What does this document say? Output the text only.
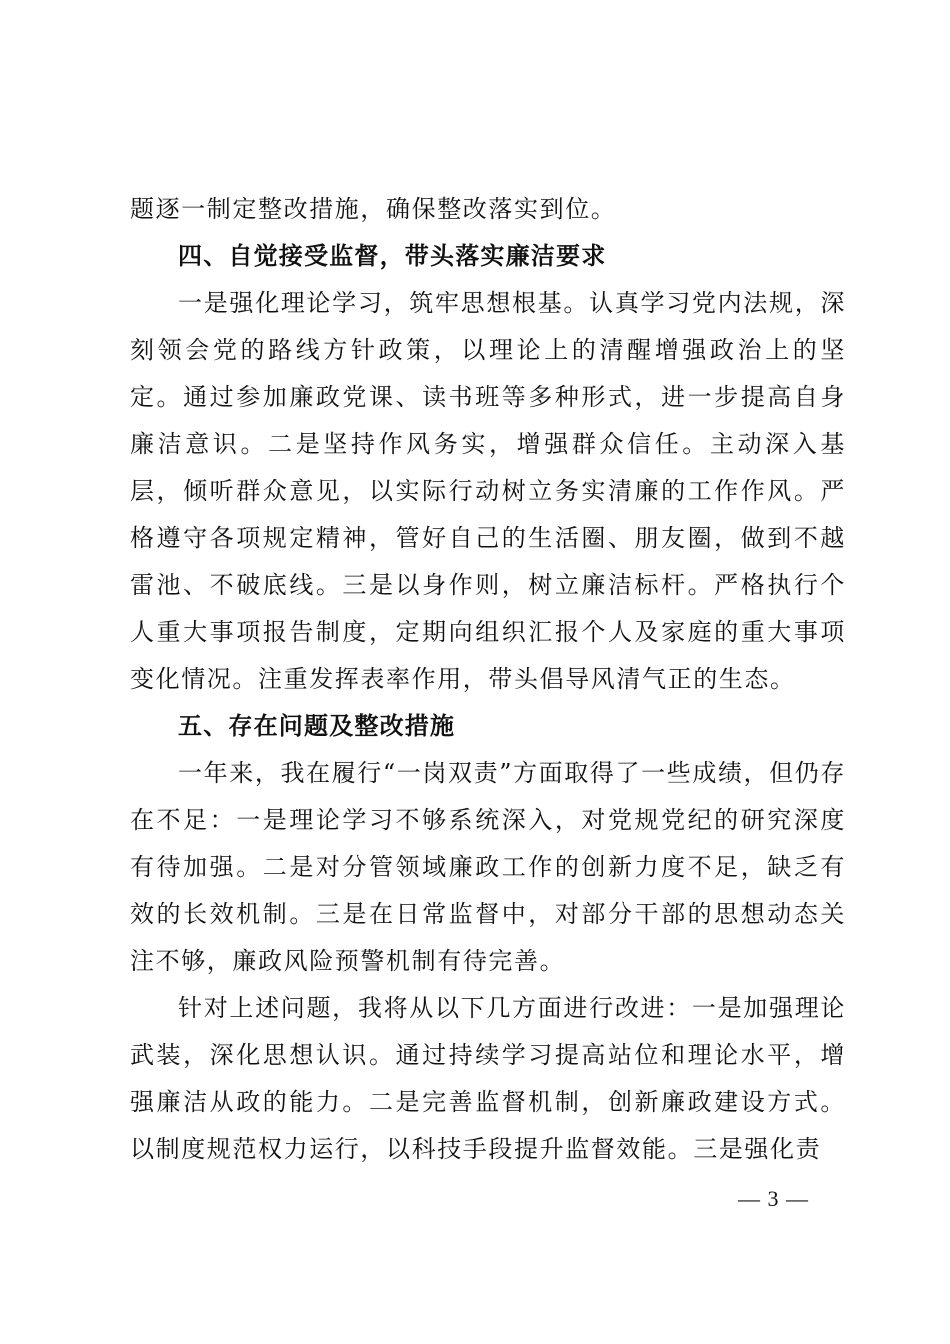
题逐一制定整改措施，确保整改落实到位。

四、自觉接受监督，带头落实廉洁要求

一是强化理论学习，筑牢思想根基。认真学习党内法规，深刻领会党的路线方针政策，以理论上的清醒增强政治上的坚定。通过参加廉政党课、读书班等多种形式，进一步提高自身廉洁意识。二是坚持作风务实，增强群众信任。主动深入基层，倾听群众意见，以实际行动树立务实清廉的工作作风。严格遵守各项规定精神，管好自己的生活圈、朋友圈，做到不越雷池、不破底线。三是以身作则，树立廉洁标杆。严格执行个人重大事项报告制度，定期向组织汇报个人及家庭的重大事项变化情况。注重发挥表率作用，带头倡导风清气正的生态。

五、存在问题及整改措施

一年来，我在履行“一岗双责”方面取得了一些成绩，但仍存在不足：一是理论学习不够系统深入，对党规党纪的研究深度有待加强。二是对分管领域廉政工作的创新力度不足，缺乏有效的长效机制。三是在日常监督中，对部分干部的思想动态关注不够，廉政风险预警机制有待完善。

针对上述问题，我将从以下几方面进行改进：一是加强理论武装，深化思想认识。通过持续学习提高站位和理论水平，增强廉洁从政的能力。二是完善监督机制，创新廉政建设方式。以制度规范权力运行，以科技手段提升监督效能。三是强化责

— 3 —
